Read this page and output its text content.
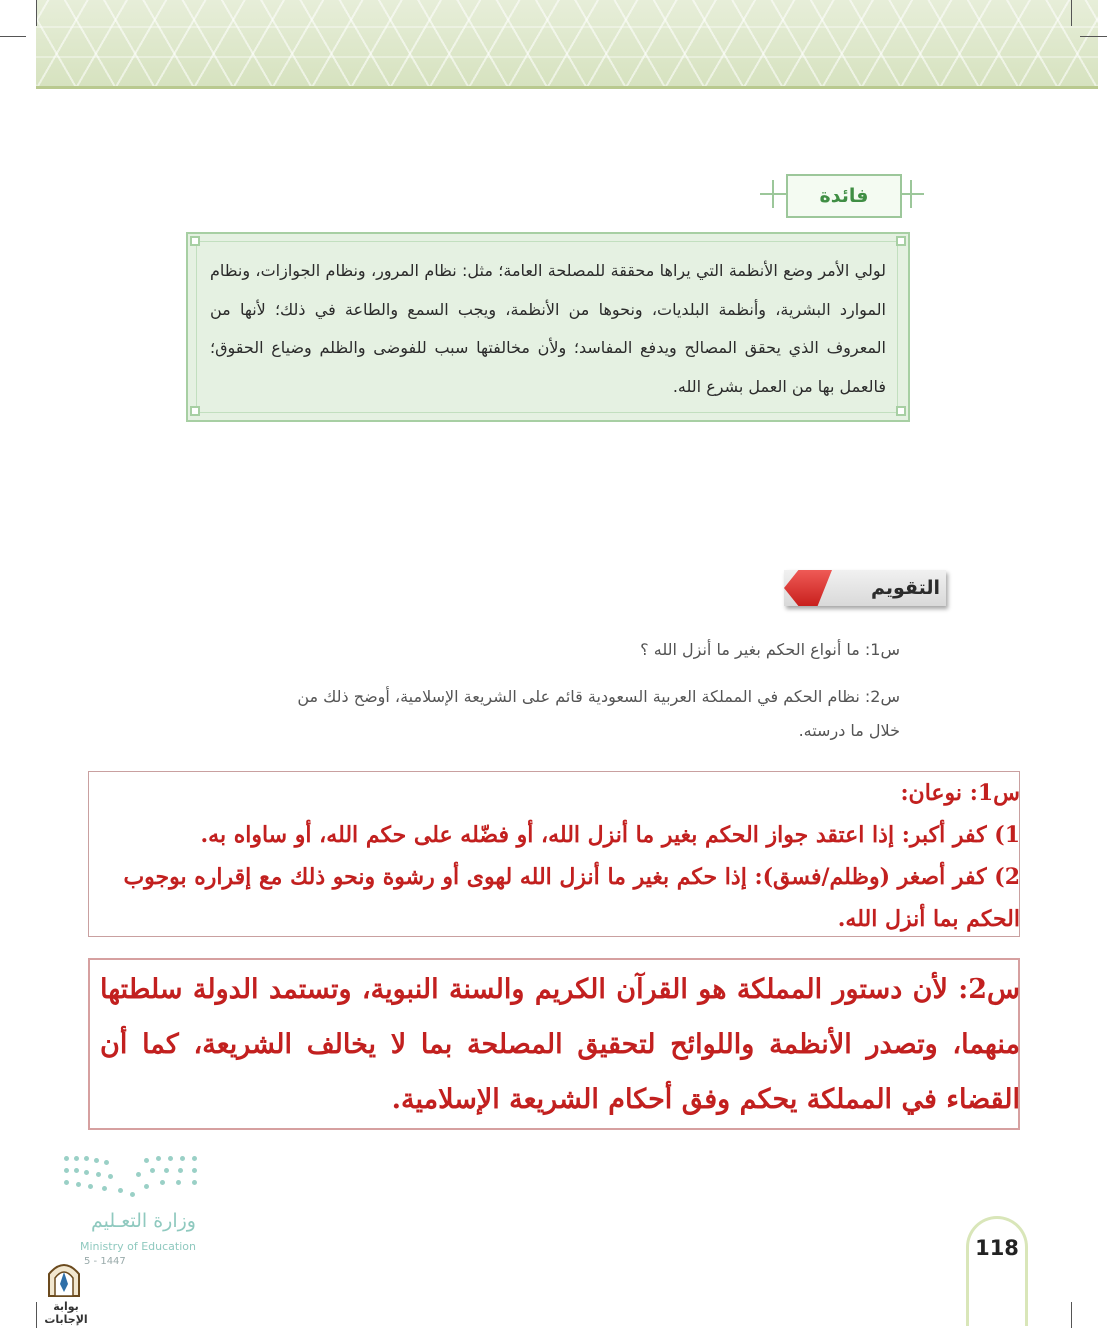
فائدة
لولي الأمر وضع الأنظمة التي يراها محققة للمصلحة العامة؛ مثل: نظام المرور، ونظام الجوازات، ونظام الموارد البشرية، وأنظمة البلديات، ونحوها من الأنظمة، ويجب السمع والطاعة في ذلك؛ لأنها من المعروف الذي يحقق المصالح ويدفع المفاسد؛ ولأن مخالفتها سبب للفوضى والظلم وضياع الحقوق؛ فالعمل بها من العمل بشرع الله.
التقويم
س1: ما أنواع الحكم بغير ما أنزل الله ؟
س2: نظام الحكم في المملكة العربية السعودية قائم على الشريعة الإسلامية، أوضح ذلك من خلال ما درسته.
س1: نوعان:
1) كفر أكبر: إذا اعتقد جواز الحكم بغير ما أنزل الله، أو فضّله على حكم الله، أو ساواه به.
2) كفر أصغر (وظلم/فسق): إذا حكم بغير ما أنزل الله لهوى أو رشوة ونحو ذلك مع إقراره بوجوب الحكم بما أنزل الله.
س2: لأن دستور المملكة هو القرآن الكريم والسنة النبوية، وتستمد الدولة سلطتها منهما، وتصدر الأنظمة واللوائح لتحقيق المصلحة بما لا يخالف الشريعة، كما أن القضاء في المملكة يحكم وفق أحكام الشريعة الإسلامية.
وزارة التعـليم
Ministry of Education
5 - 1447
بوابة الإجابات
118
